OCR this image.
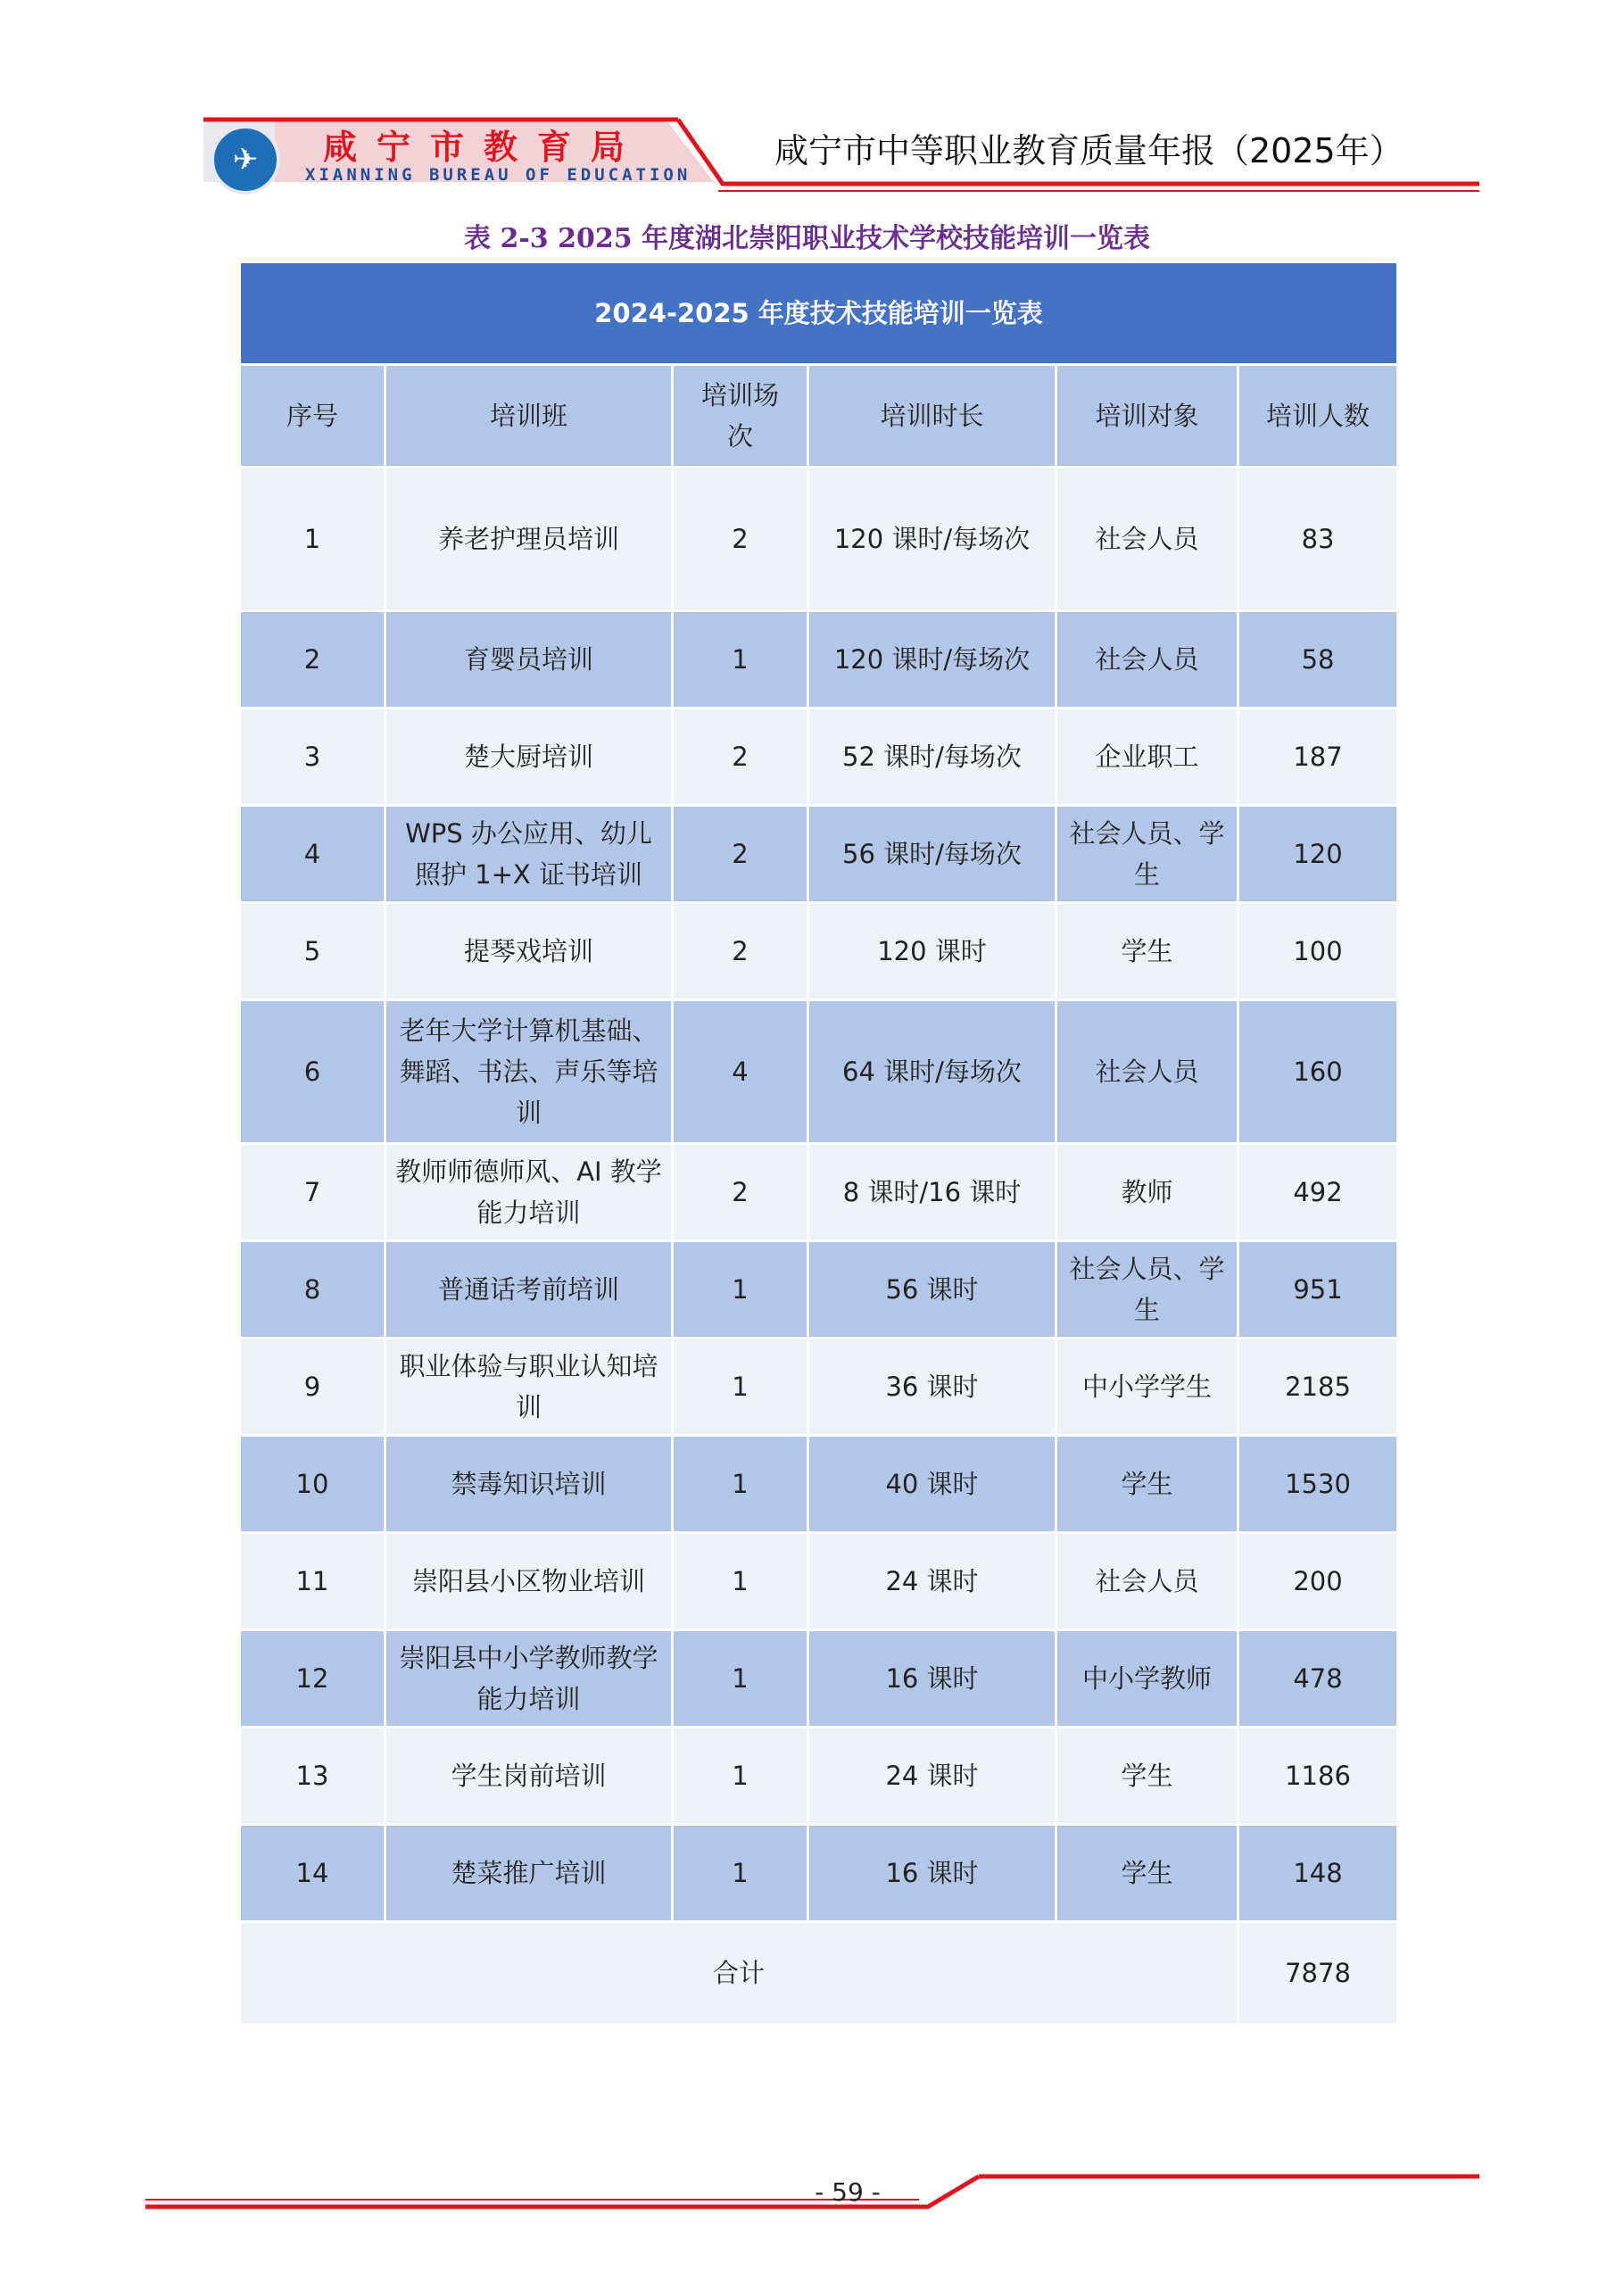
✈ 咸宁市教育局
XIANNING BUREAU OF EDUCATION
咸宁市中等职业教育质量年报（2025年）
表 2-3 2025 年度湖北崇阳职业技术学校技能培训一览表
2024-2025 年度技术技能培训一览表					
序号	培训班	培训场次	培训时长	培训对象	培训人数
1	养老护理员培训	2	120 课时/每场次	社会人员	83
2	育婴员培训	1	120 课时/每场次	社会人员	58
3	楚大厨培训	2	52 课时/每场次	企业职工	187
4	WPS 办公应用、幼儿照护 1+X 证书培训	2	56 课时/每场次	社会人员、学生	120
5	提琴戏培训	2	120 课时	学生	100
6	老年大学计算机基础、舞蹈、书法、声乐等培训	4	64 课时/每场次	社会人员	160
7	教师师德师风、AI 教学能力培训	2	8 课时/16 课时	教师	492
8	普通话考前培训	1	56 课时	社会人员、学生	951
9	职业体验与职业认知培训	1	36 课时	中小学学生	2185
10	禁毒知识培训	1	40 课时	学生	1530
11	崇阳县小区物业培训	1	24 课时	社会人员	200
12	崇阳县中小学教师教学能力培训	1	16 课时	中小学教师	478
13	学生岗前培训	1	24 课时	学生	1186
14	楚菜推广培训	1	16 课时	学生	148
合计					7878
- 59 -
